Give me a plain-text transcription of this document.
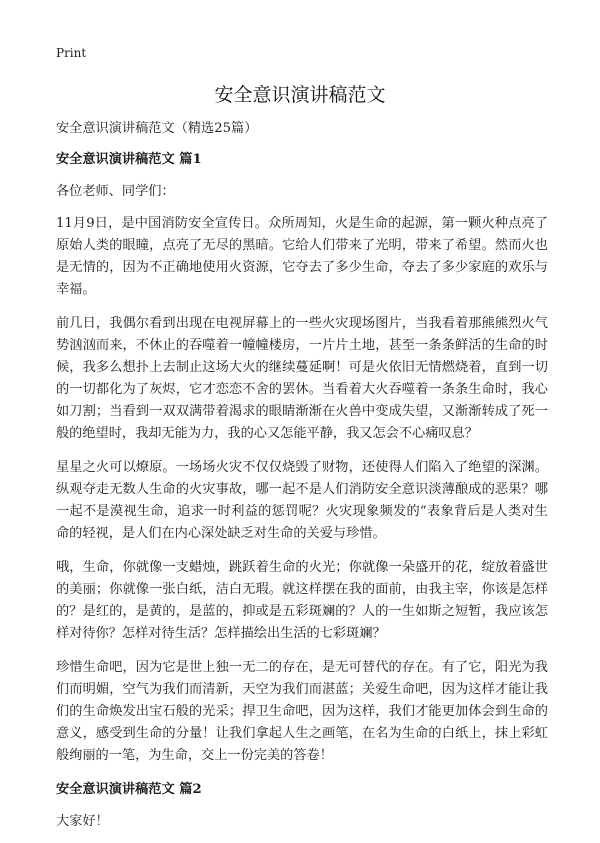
Print
安全意识演讲稿范文

安全意识演讲稿范文（精选25篇）

安全意识演讲稿范文 篇1

各位老师、同学们：

11月9日，是中国消防安全宣传日。众所周知，火是生命的起源，第一颗火种点亮了原始人类的眼瞳，点亮了无尽的黑暗。它给人们带来了光明，带来了希望。然而火也是无情的，因为不正确地使用火资源，它夺去了多少生命，夺去了多少家庭的欢乐与幸福。

前几日，我偶尔看到出现在电视屏幕上的一些火灾现场图片，当我看着那熊熊烈火气势汹汹而来，不休止的吞噬着一幢幢楼房，一片片土地，甚至一条条鲜活的生命的时候，我多么想扑上去制止这场大火的继续蔓延啊！可是火依旧无情燃烧着，直到一切的一切都化为了灰烬，它才恋恋不舍的罢休。当看着大火吞噬着一条条生命时，我心如刀割；当看到一双双满带着渴求的眼睛渐渐在火兽中变成失望，又渐渐转成了死一般的绝望时，我却无能为力，我的心又怎能平静，我又怎会不心痛叹息？

星星之火可以燎原。一场场火灾不仅仅烧毁了财物，还使得人们陷入了绝望的深渊。纵观夺走无数人生命的火灾事故，哪一起不是人们消防安全意识淡薄酿成的恶果？哪一起不是漠视生命，追求一时利益的惩罚呢？火灾现象频发的“表象背后是人类对生命的轻视，是人们在内心深处缺乏对生命的关爱与珍惜。

哦，生命，你就像一支蜡烛，跳跃着生命的火光；你就像一朵盛开的花，绽放着盛世的美丽；你就像一张白纸，洁白无瑕。就这样摆在我的面前，由我主宰，你该是怎样的？是红的，是黄的，是蓝的，抑或是五彩斑斓的？人的一生如斯之短暂，我应该怎样对待你？怎样对待生活？怎样描绘出生活的七彩斑斓？

珍惜生命吧，因为它是世上独一无二的存在，是无可替代的存在。有了它，阳光为我们而明媚，空气为我们而清新，天空为我们而湛蓝；关爱生命吧，因为这样才能让我们的生命焕发出宝石般的光采；捍卫生命吧，因为这样，我们才能更加体会到生命的意义，感受到生命的分量！让我们拿起人生之画笔，在名为生命的白纸上，抹上彩虹般绚丽的一笔，为生命，交上一份完美的答卷！

安全意识演讲稿范文 篇2

大家好！
